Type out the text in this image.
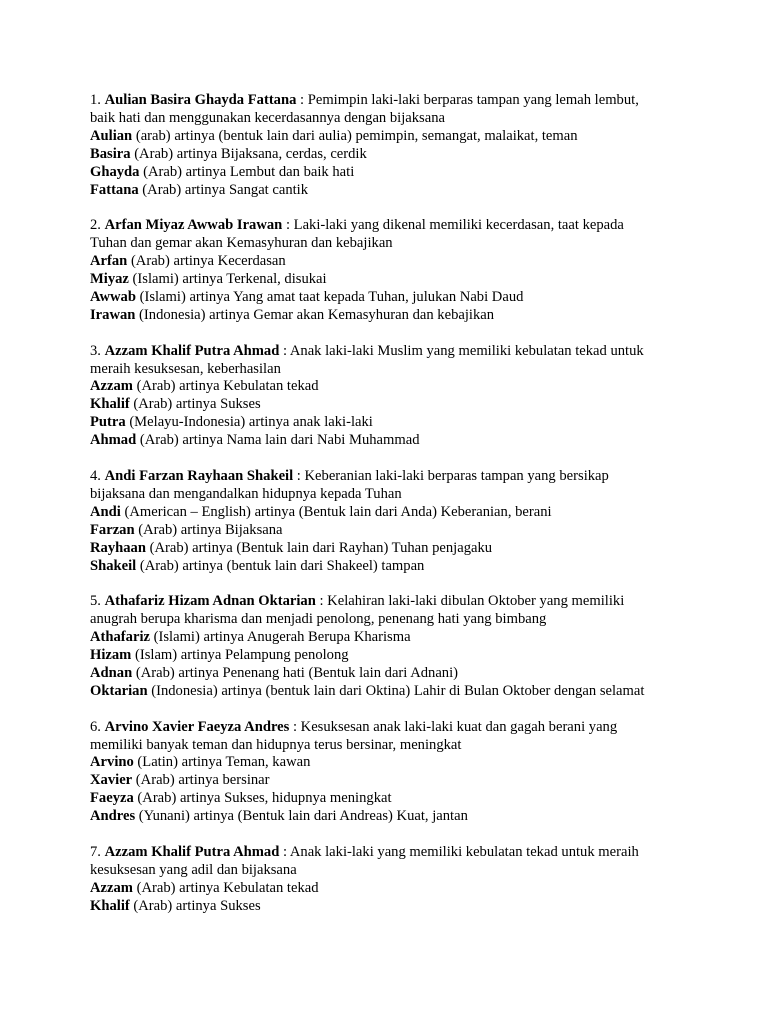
1. Aulian Basira Ghayda Fattana : Pemimpin laki-laki berparas tampan yang lemah lembut,
baik hati dan menggunakan kecerdasannya dengan bijaksana
Aulian (arab) artinya (bentuk lain dari aulia) pemimpin, semangat, malaikat, teman
Basira (Arab) artinya Bijaksana, cerdas, cerdik
Ghayda (Arab) artinya Lembut dan baik hati
Fattana (Arab) artinya Sangat cantik
2. Arfan Miyaz Awwab Irawan : Laki-laki yang dikenal memiliki kecerdasan, taat kepada
Tuhan dan gemar akan Kemasyhuran dan kebajikan
Arfan (Arab) artinya Kecerdasan
Miyaz (Islami) artinya Terkenal, disukai
Awwab (Islami) artinya Yang amat taat kepada Tuhan, julukan Nabi Daud
Irawan (Indonesia) artinya Gemar akan Kemasyhuran dan kebajikan
3. Azzam Khalif Putra Ahmad : Anak laki-laki Muslim yang memiliki kebulatan tekad untuk
meraih kesuksesan, keberhasilan
Azzam (Arab) artinya Kebulatan tekad
Khalif (Arab) artinya Sukses
Putra (Melayu-Indonesia) artinya anak laki-laki
Ahmad (Arab) artinya Nama lain dari Nabi Muhammad
4. Andi Farzan Rayhaan Shakeil : Keberanian laki-laki berparas tampan yang bersikap
bijaksana dan mengandalkan hidupnya kepada Tuhan
Andi (American – English) artinya (Bentuk lain dari Anda) Keberanian, berani
Farzan (Arab) artinya Bijaksana
Rayhaan (Arab) artinya (Bentuk lain dari Rayhan) Tuhan penjagaku
Shakeil (Arab) artinya (bentuk lain dari Shakeel) tampan
5. Athafariz Hizam Adnan Oktarian : Kelahiran laki-laki dibulan Oktober yang memiliki
anugrah berupa kharisma dan menjadi penolong, penenang hati yang bimbang
Athafariz (Islami) artinya Anugerah Berupa Kharisma
Hizam (Islam) artinya Pelampung penolong
Adnan (Arab) artinya Penenang hati (Bentuk lain dari Adnani)
Oktarian (Indonesia) artinya (bentuk lain dari Oktina) Lahir di Bulan Oktober dengan selamat
6. Arvino Xavier Faeyza Andres : Kesuksesan anak laki-laki kuat dan gagah berani yang
memiliki banyak teman dan hidupnya terus bersinar, meningkat
Arvino (Latin) artinya Teman, kawan
Xavier (Arab) artinya bersinar
Faeyza (Arab) artinya Sukses, hidupnya meningkat
Andres (Yunani) artinya (Bentuk lain dari Andreas) Kuat, jantan
7. Azzam Khalif Putra Ahmad : Anak laki-laki yang memiliki kebulatan tekad untuk meraih
kesuksesan yang adil dan bijaksana
Azzam (Arab) artinya Kebulatan tekad
Khalif (Arab) artinya Sukses
